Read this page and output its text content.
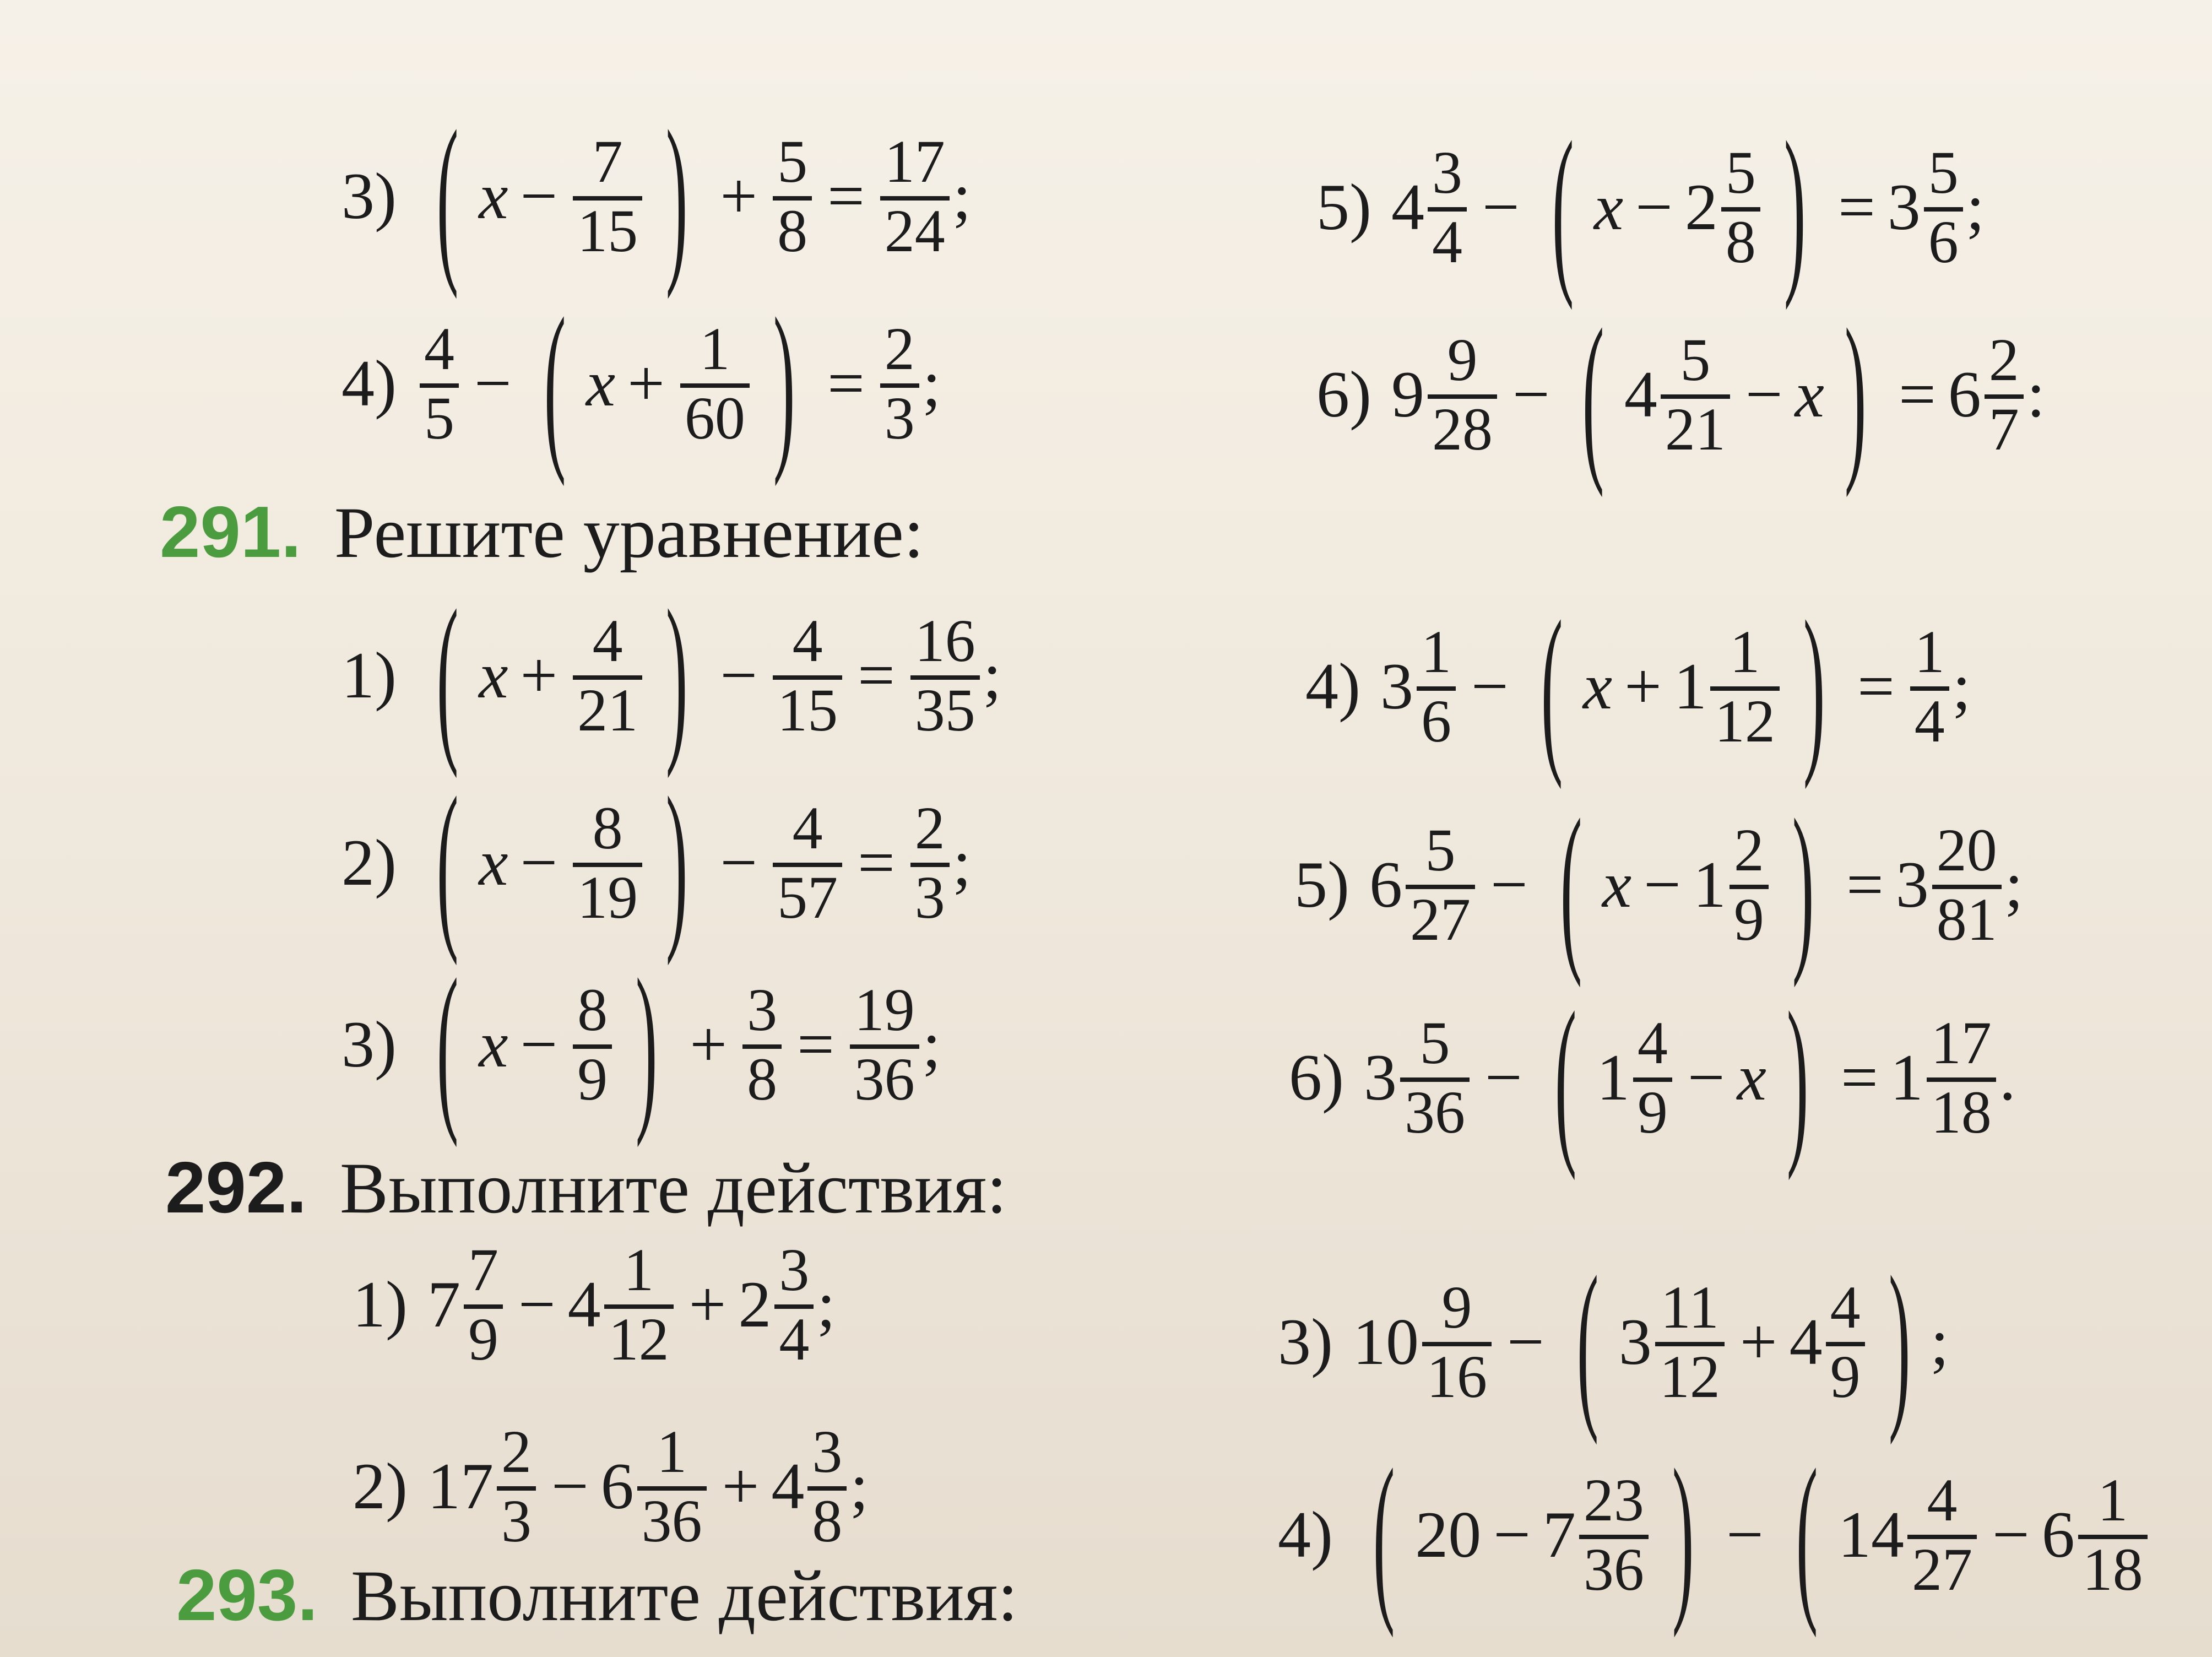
291. Решите уравнение:
292. Выполните действия:
293. Выполните действия:
3) ( $x - \frac{7}{15}$ ) + $\frac{5}{8} = \frac{17}{24}$ ;	5) $4 \frac{3}{4}$ − ( $x - 2 \frac{5}{8}$ ) = $3 \frac{5}{6}$ ;
$4) \frac{4}{5}$ − ( $x + \frac{1}{60}$ ) = $\frac{2}{3}$ ;	6) $9 \frac{9}{28}$ − ( $4 \frac{5}{21} - x$ ) = $6 \frac{2}{7}$ :
1) ( $x + \frac{4}{21}$ ) − $\frac{4}{15} = \frac{16}{35}$ ;	4) $3 \frac{1}{6}$ − ( $x + 1 \frac{1}{12}$ ) = $\frac{1}{4}$ ;
2) ( $x - \frac{8}{19}$ ) − $\frac{4}{57} = \frac{2}{3}$ ;	5) $6 \frac{5}{27}$ − ( $x - 1 \frac{2}{9}$ ) = $3 \frac{20}{81}$ ;
3) ( $x - \frac{8}{9}$ ) + $\frac{3}{8} = \frac{19}{36}$ ;	6) $3 \frac{5}{36}$ − ( $1 \frac{4}{9} - x$ ) = $1 \frac{17}{18}$ .
1) $7 \frac{7}{9} - 4 \frac{1}{12} + 2 \frac{3}{4}$ ;
3) $10 \frac{9}{16}$ − ( $3 \frac{11}{12} + 4 \frac{4}{9}$ ) ;
2) $17 \frac{2}{3} - 6 \frac{1}{36} + 4 \frac{3}{8}$ ;
4) ( $20 - 7 \frac{23}{36}$ ) − ( $14 \frac{4}{27} - 6 \frac{1}{18}$
